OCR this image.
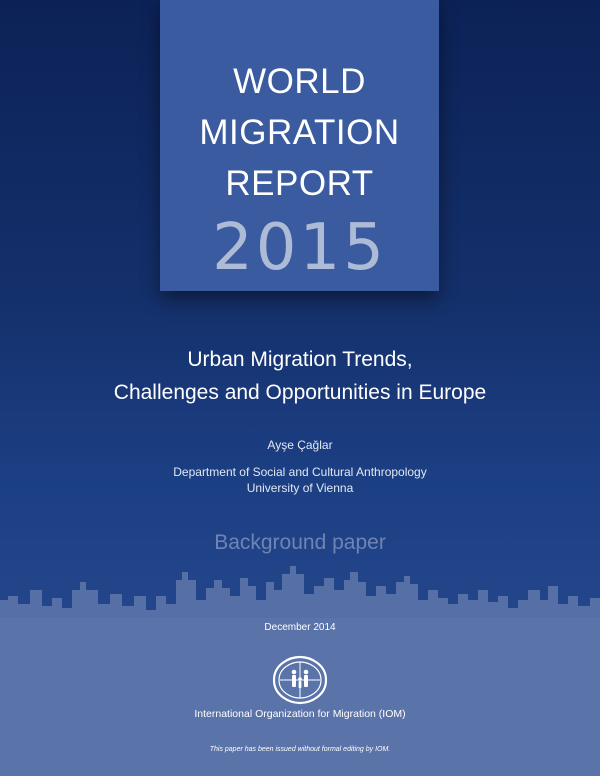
WORLD
MIGRATION
REPORT
2015
Urban Migration Trends,
Challenges and Opportunities in Europe
Ayşe Çağlar
Department of Social and Cultural Anthropology
University of Vienna
Background paper
December 2014
International Organization for Migration (IOM)
This paper has been issued without formal editing by IOM.
